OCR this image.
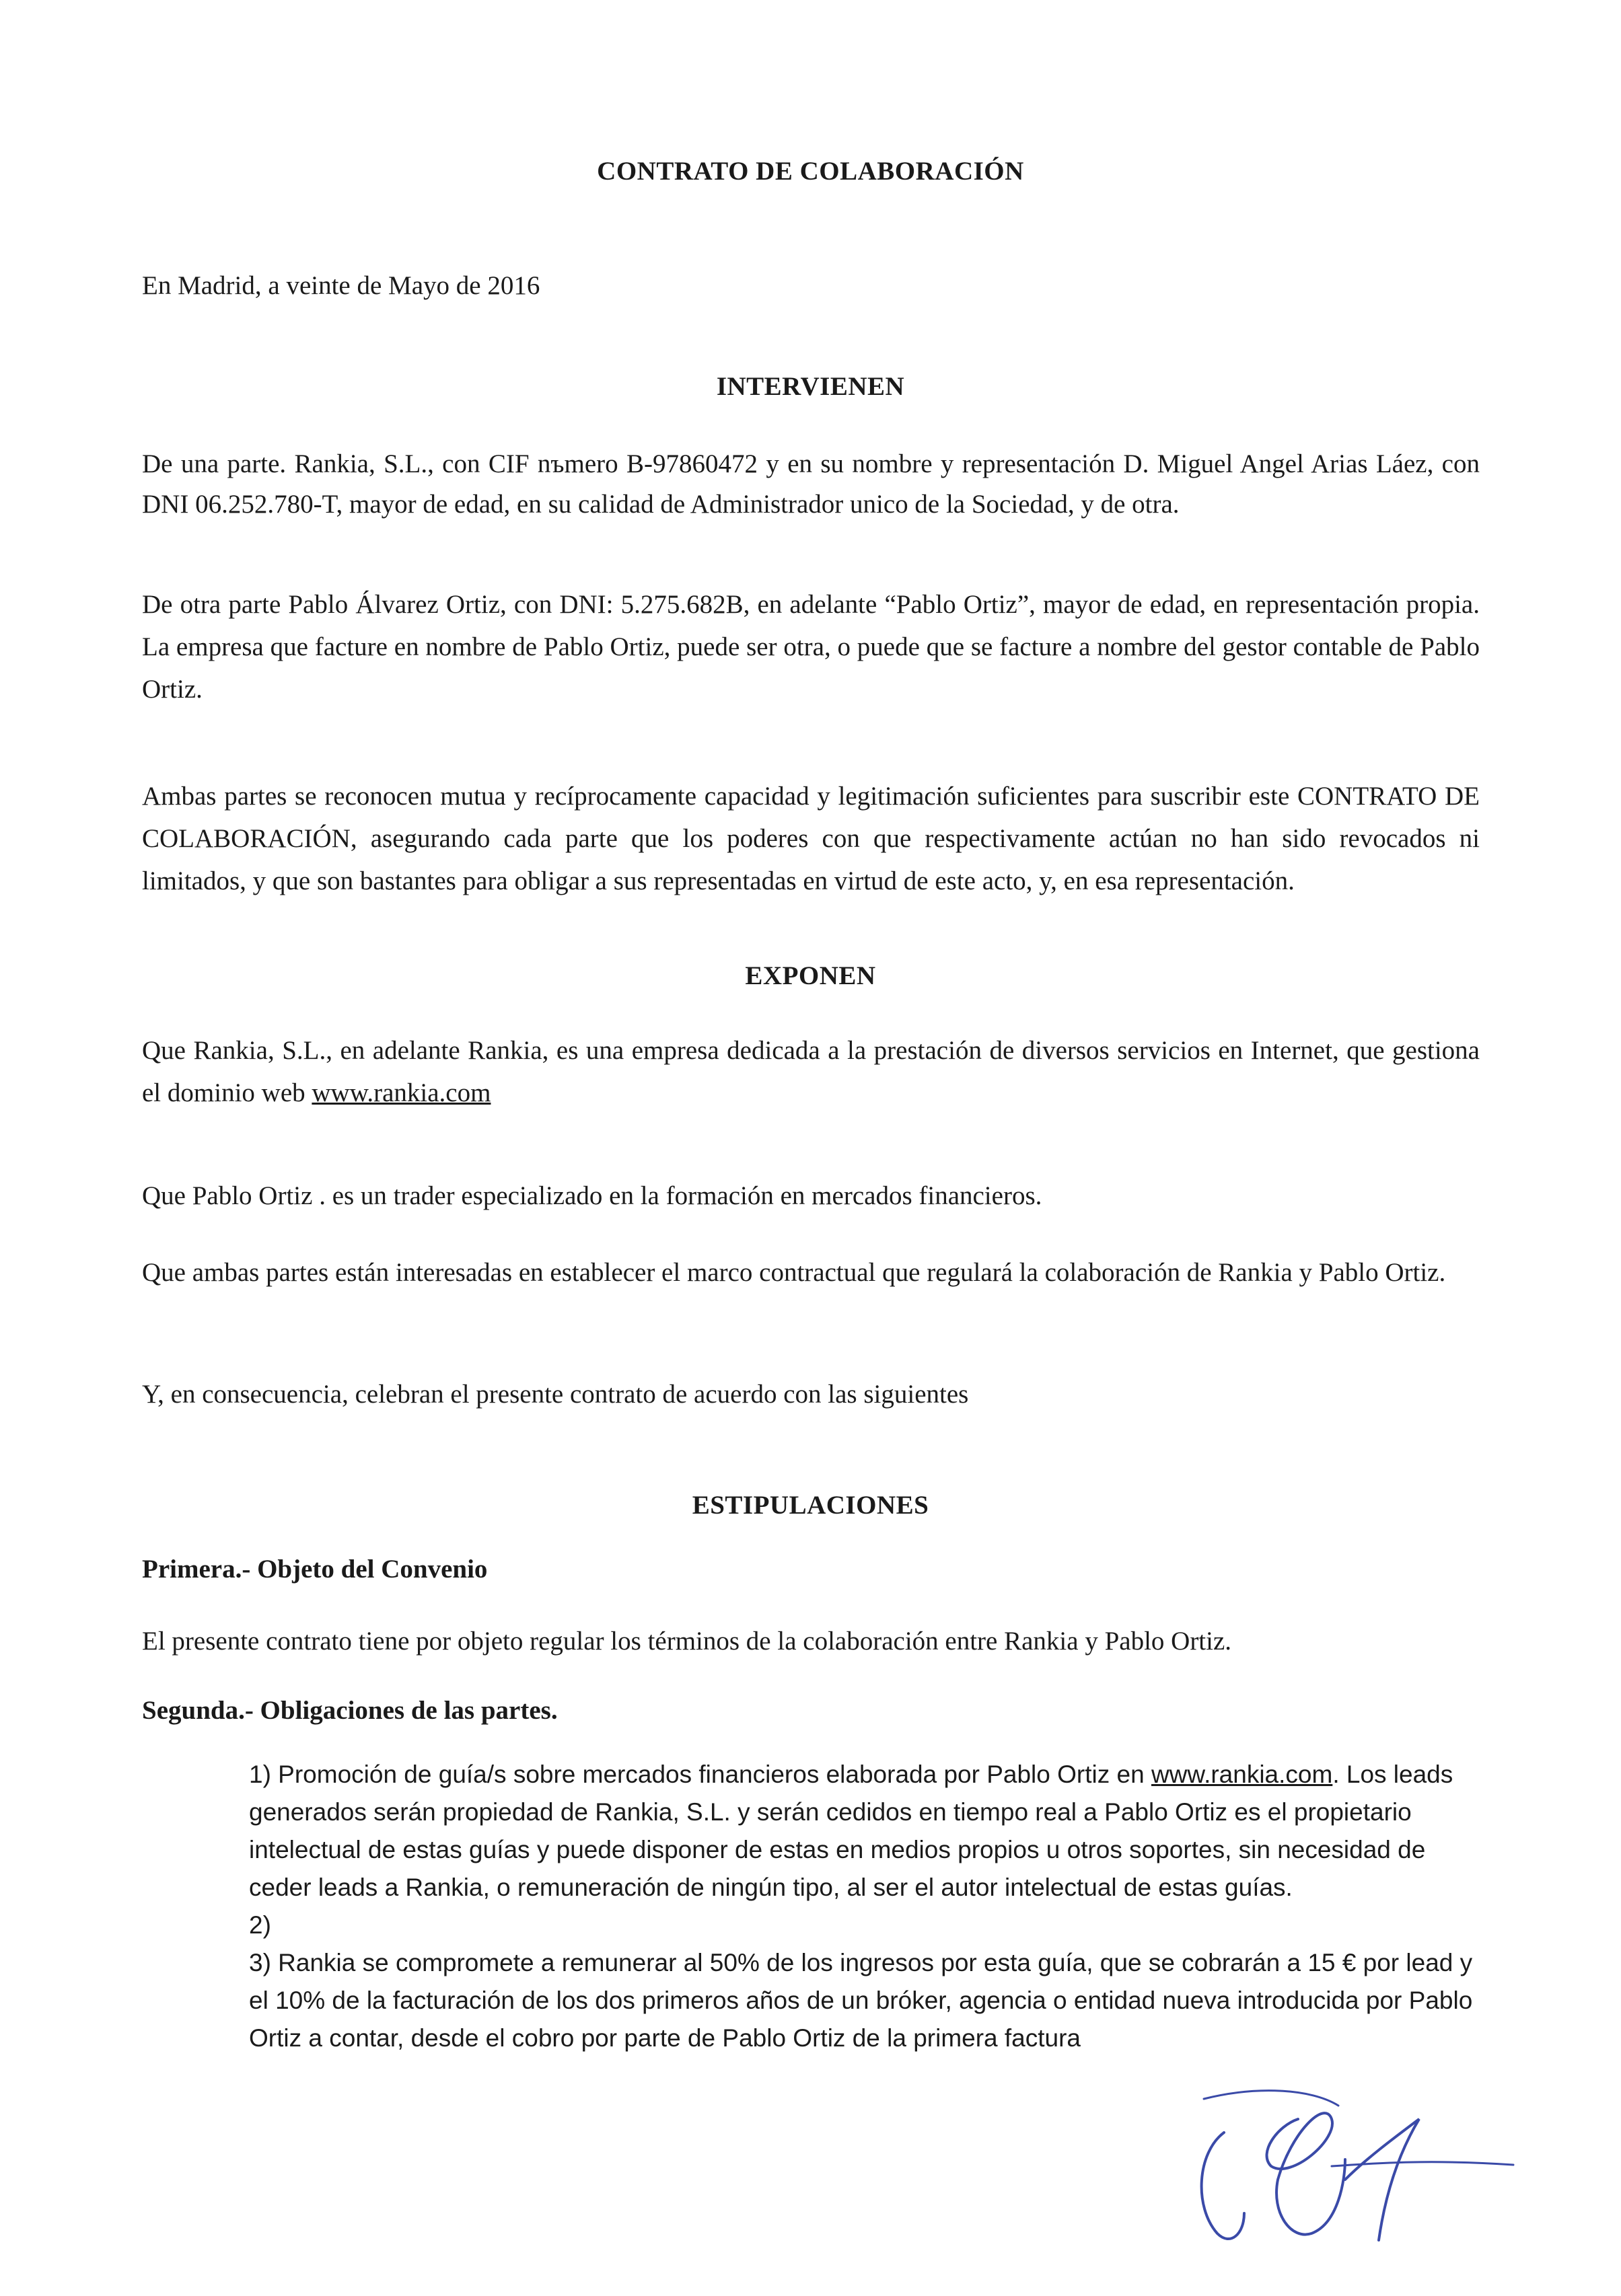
CONTRATO DE COLABORACIÓN

En Madrid, a veinte de Mayo de 2016

INTERVIENEN

De una parte. Rankia, S.L., con CIF nъmero B-97860472 y en su nombre y representación D. Miguel Angel Arias Láez, con DNI 06.252.780-T, mayor de edad, en su calidad de Administrador unico de la Sociedad, y de otra.

De otra parte Pablo Álvarez Ortiz, con DNI: 5.275.682B, en adelante “Pablo Ortiz”, mayor de edad, en representación propia. La empresa que facture en nombre de Pablo Ortiz, puede ser otra, o puede que se facture a nombre del gestor contable de Pablo Ortiz.

Ambas partes se reconocen mutua y recíprocamente capacidad y legitimación suficientes para suscribir este CONTRATO DE COLABORACIÓN, asegurando cada parte que los poderes con que respectivamente actúan no han sido revocados ni limitados, y que son bastantes para obligar a sus representadas en virtud de este acto, y, en esa representación.

EXPONEN

Que Rankia, S.L., en adelante Rankia, es una empresa dedicada a la prestación de diversos servicios en Internet, que gestiona el dominio web www.rankia.com

Que Pablo Ortiz . es un trader especializado en la formación en mercados financieros.

Que ambas partes están interesadas en establecer el marco contractual que regulará la colaboración de Rankia y Pablo Ortiz.

Y, en consecuencia, celebran el presente contrato de acuerdo con las siguientes

ESTIPULACIONES
Primera.- Objeto del Convenio

El presente contrato tiene por objeto regular los términos de la colaboración entre Rankia y Pablo Ortiz.

Segunda.- Obligaciones de las partes.

1) Promoción de guía/s sobre mercados financieros elaborada por Pablo Ortiz en www.rankia.com. Los leads generados serán propiedad de Rankia, S.L. y serán cedidos en tiempo real a Pablo Ortiz es el propietario intelectual de estas guías y puede disponer de estas en medios propios u otros soportes, sin necesidad de ceder leads a Rankia, o remuneración de ningún tipo, al ser el autor intelectual de estas guías.

2)

3) Rankia se compromete a remunerar al 50% de los ingresos por esta guía, que se cobrarán a 15 € por lead y el 10% de la facturación de los dos primeros años de un bróker, agencia o entidad nueva introducida por Pablo Ortiz a contar, desde el cobro por parte de Pablo Ortiz de la primera factura
